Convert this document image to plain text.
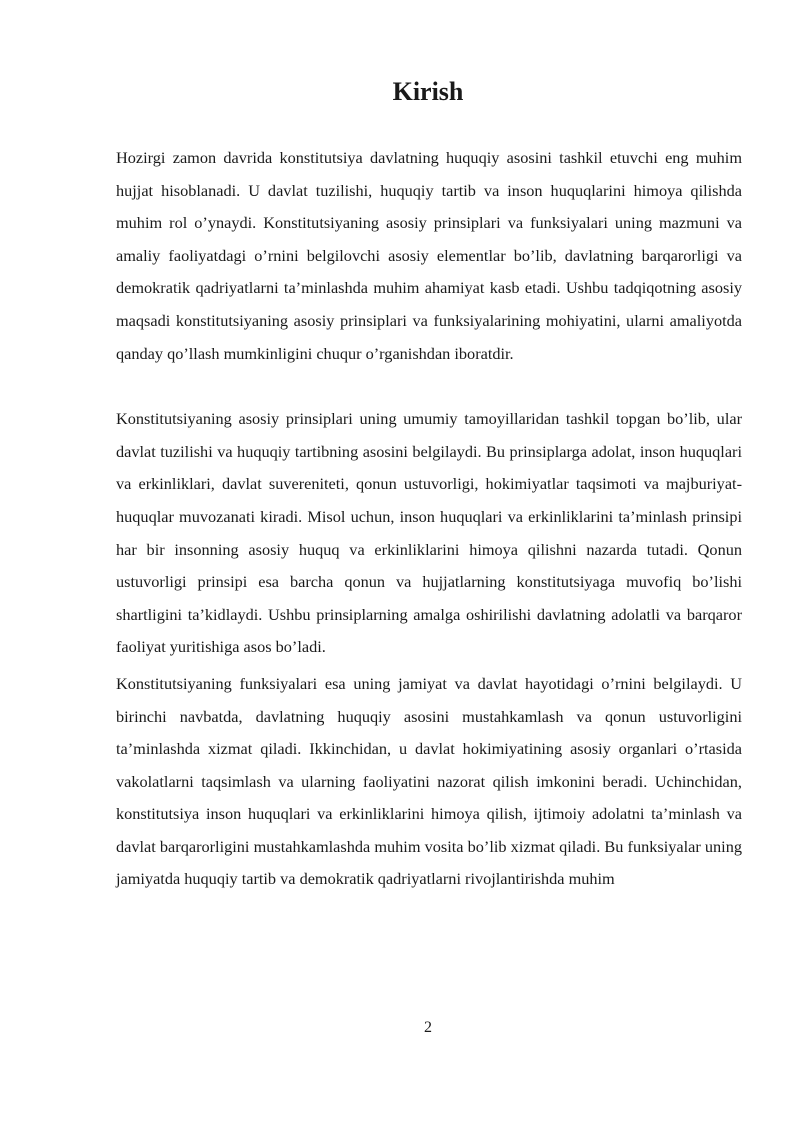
Kirish

Hozirgi zamon davrida konstitutsiya davlatning huquqiy asosini tashkil etuvchi eng muhim hujjat hisoblanadi. U davlat tuzilishi, huquqiy tartib va inson huquqlarini himoya qilishda muhim rol o’ynaydi. Konstitutsiyaning asosiy prinsiplari va funksiyalari uning mazmuni va amaliy faoliyatdagi o’rnini belgilovchi asosiy elementlar bo’lib, davlatning barqarorligi va demokratik qadriyatlarni ta’minlashda muhim ahamiyat kasb etadi. Ushbu tadqiqotning asosiy maqsadi konstitutsiyaning asosiy prinsiplari va funksiyalarining mohiyatini, ularni amaliyotda qanday qo’llash mumkinligini chuqur o’rganishdan iboratdir.

Konstitutsiyaning asosiy prinsiplari uning umumiy tamoyillaridan tashkil topgan bo’lib, ular davlat tuzilishi va huquqiy tartibning asosini belgilaydi. Bu prinsiplarga adolat, inson huquqlari va erkinliklari, davlat suvereniteti, qonun ustuvorligi, hokimiyatlar taqsimoti va majburiyat-huquqlar muvozanati kiradi. Misol uchun, inson huquqlari va erkinliklarini ta’minlash prinsipi har bir insonning asosiy huquq va erkinliklarini himoya qilishni nazarda tutadi. Qonun ustuvorligi prinsipi esa barcha qonun va hujjatlarning konstitutsiyaga muvofiq bo’lishi shartligini ta’kidlaydi. Ushbu prinsiplarning amalga oshirilishi davlatning adolatli va barqaror faoliyat yuritishiga asos bo’ladi.

Konstitutsiyaning funksiyalari esa uning jamiyat va davlat hayotidagi o’rnini belgilaydi. U birinchi navbatda, davlatning huquqiy asosini mustahkamlash va qonun ustuvorligini ta’minlashda xizmat qiladi. Ikkinchidan, u davlat hokimiyatining asosiy organlari o’rtasida vakolatlarni taqsimlash va ularning faoliyatini nazorat qilish imkonini beradi. Uchinchidan, konstitutsiya inson huquqlari va erkinliklarini himoya qilish, ijtimoiy adolatni ta’minlash va davlat barqarorligini mustahkamlashda muhim vosita bo’lib xizmat qiladi. Bu funksiyalar uning jamiyatda huquqiy tartib va demokratik qadriyatlarni rivojlantirishda muhim

2
